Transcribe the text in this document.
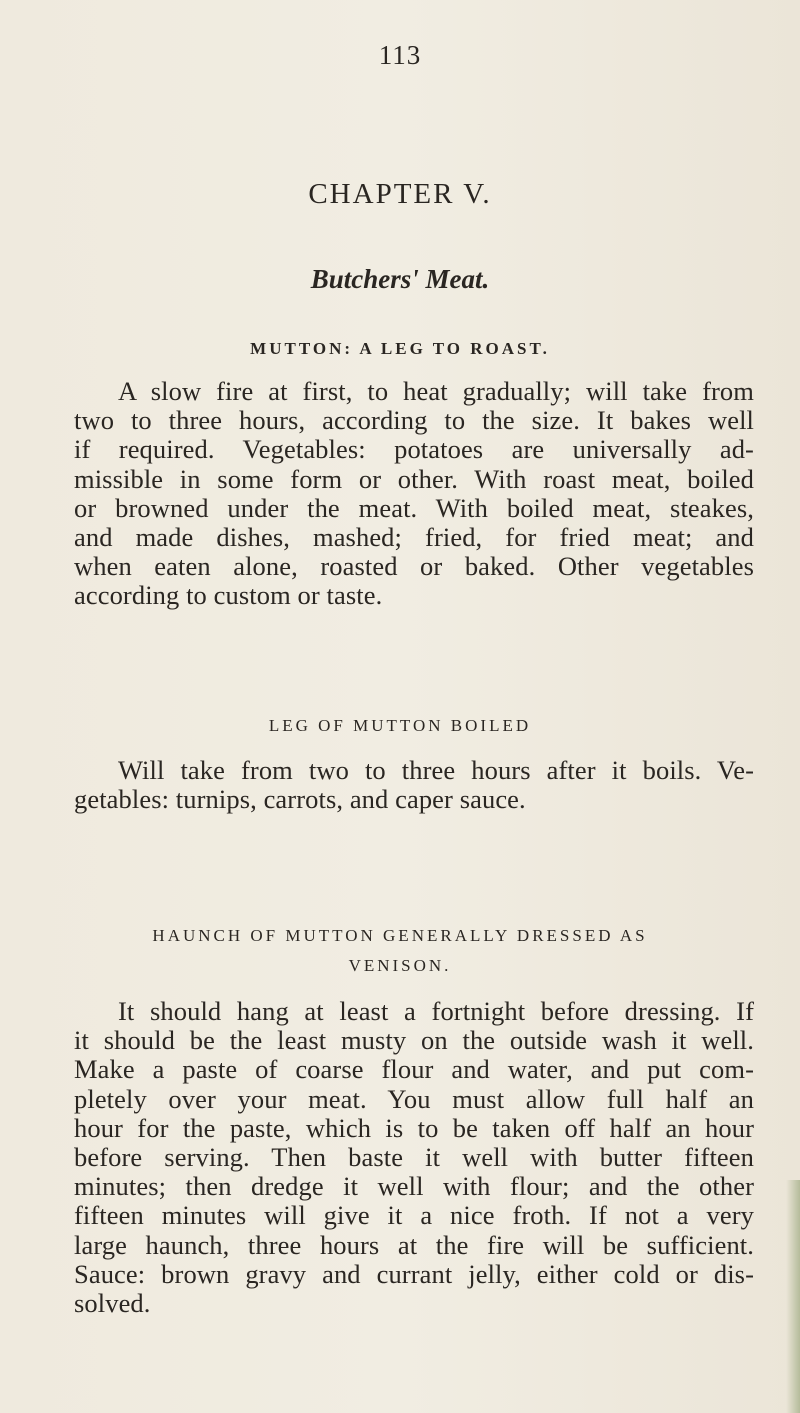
113
CHAPTER V.
Butchers' Meat.
MUTTON: A LEG TO ROAST.
A slow fire at first, to heat gradually; will take from
two to three hours, according to the size. It bakes well
if required. Vegetables: potatoes are universally ad-
missible in some form or other. With roast meat, boiled
or browned under the meat. With boiled meat, steakes,
and made dishes, mashed; fried, for fried meat; and
when eaten alone, roasted or baked. Other vegetables
according to custom or taste.
LEG OF MUTTON BOILED
Will take from two to three hours after it boils. Ve-
getables: turnips, carrots, and caper sauce.
HAUNCH OF MUTTON GENERALLY DRESSED AS
VENISON.
It should hang at least a fortnight before dressing. If
it should be the least musty on the outside wash it well.
Make a paste of coarse flour and water, and put com-
pletely over your meat. You must allow full half an
hour for the paste, which is to be taken off half an hour
before serving. Then baste it well with butter fifteen
minutes; then dredge it well with flour; and the other
fifteen minutes will give it a nice froth. If not a very
large haunch, three hours at the fire will be sufficient.
Sauce: brown gravy and currant jelly, either cold or dis-
solved.
